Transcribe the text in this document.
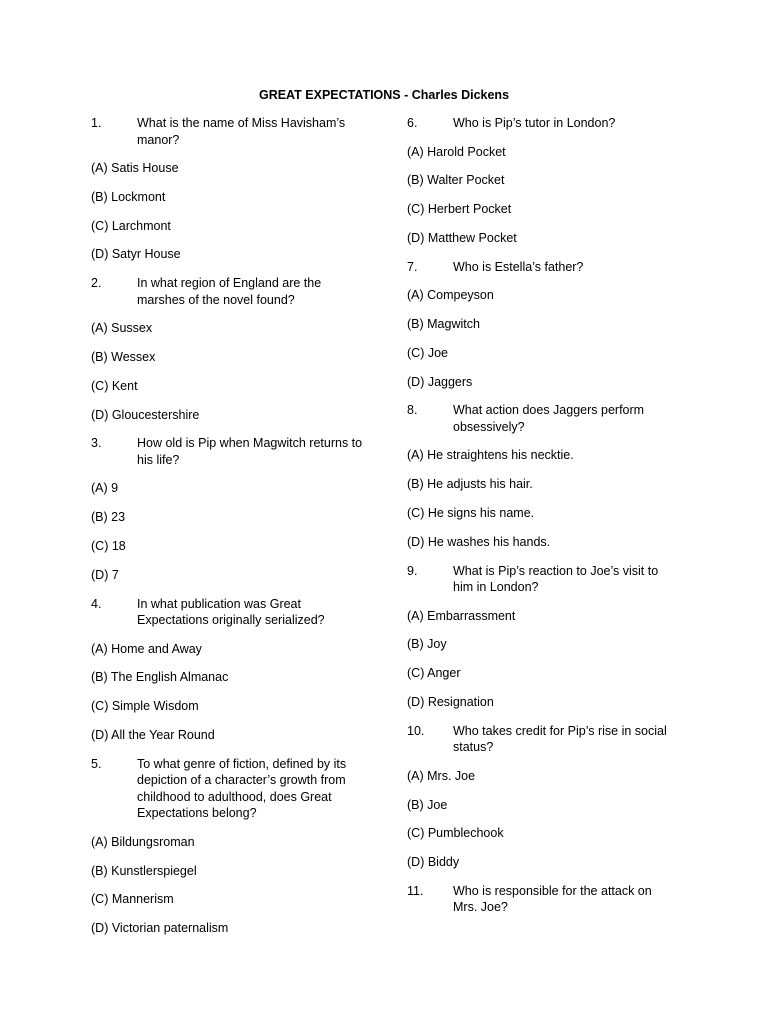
GREAT EXPECTATIONS - Charles Dickens
1.	What is the name of Miss Havisham’s manor?
(A) Satis House
(B) Lockmont
(C) Larchmont
(D) Satyr House
2.	In what region of England are the marshes of the novel found?
(A) Sussex
(B) Wessex
(C) Kent
(D) Gloucestershire
3.	How old is Pip when Magwitch returns to his life?
(A) 9
(B) 23
(C) 18
(D) 7
4.	In what publication was Great Expectations originally serialized?
(A) Home and Away
(B) The English Almanac
(C) Simple Wisdom
(D) All the Year Round
5.	To what genre of fiction, defined by its depiction of a character’s growth from childhood to adulthood, does Great Expectations belong?
(A) Bildungsroman
(B) Kunstlerspiegel
(C) Mannerism
(D) Victorian paternalism
6.	Who is Pip’s tutor in London?
(A) Harold Pocket
(B) Walter Pocket
(C) Herbert Pocket
(D) Matthew Pocket
7.	Who is Estella’s father?
(A) Compeyson
(B) Magwitch
(C) Joe
(D) Jaggers
8.	What action does Jaggers perform obsessively?
(A) He straightens his necktie.
(B) He adjusts his hair.
(C) He signs his name.
(D) He washes his hands.
9.	What is Pip’s reaction to Joe’s visit to him in London?
(A) Embarrassment
(B) Joy
(C) Anger
(D) Resignation
10.	Who takes credit for Pip’s rise in social status?
(A) Mrs. Joe
(B) Joe
(C) Pumblechook
(D) Biddy
11.	Who is responsible for the attack on Mrs. Joe?
